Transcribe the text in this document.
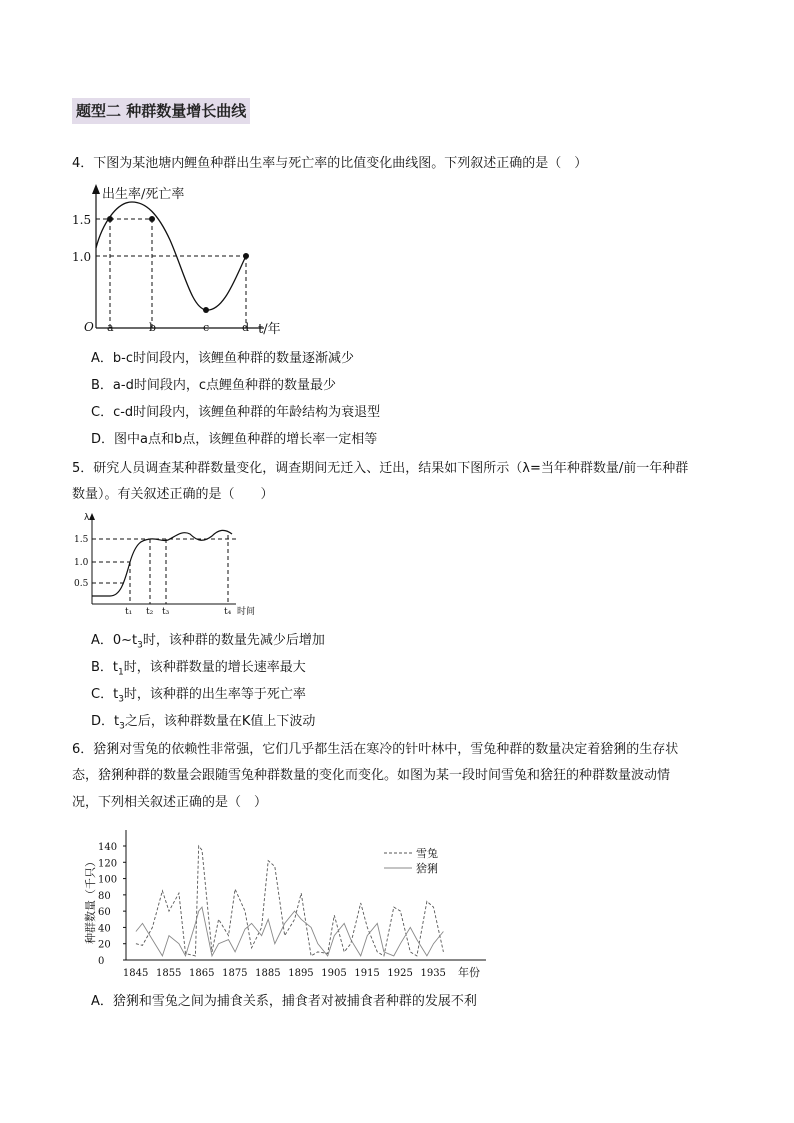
题型二 种群数量增长曲线
4．下图为某池塘内鲤鱼种群出生率与死亡率的比值变化曲线图。下列叙述正确的是（　）
出生率/死亡率
1.5
1.0
O a	b	c	d t/年
A．b-c时间段内，该鲤鱼种群的数量逐渐减少
B．a-d时间段内，c点鲤鱼种群的数量最少
C．c-d时间段内，该鲤鱼种群的年龄结构为衰退型
D．图中a点和b点，该鲤鱼种群的增长率一定相等
5．研究人员调查某种群数量变化，调查期间无迁入、迁出，结果如下图所示（λ=当年种群数量/前一年种群
数量）。有关叙述正确的是（　　）
λ
1.5
1.0
0.5
t₁ t₂ t₃	t₄ 时间
A．$0\sim t_3$时，该种群的数量先减少后增加
B．$t_1$时，该种群数量的增长速率最大
C．$t_3$时，该种群的出生率等于死亡率
D．$t_3$之后，该种群数量在K值上下波动
6．猞猁对雪兔的依赖性非常强，它们几乎都生活在寒冷的针叶林中，雪兔种群的数量决定着猞猁的生存状
态，猞猁种群的数量会跟随雪兔种群数量的变化而变化。如图为某一段时间雪兔和猞狂的种群数量波动情
况，下列相关叙述正确的是（　）
种群数量（千只）
140
120
100
80
60
40
20
0
1845 1855 1865 1875 1885 1895 1905 1915 1925 1935
雪兔
猞猁
年份
A．猞猁和雪兔之间为捕食关系，捕食者对被捕食者种群的发展不利
